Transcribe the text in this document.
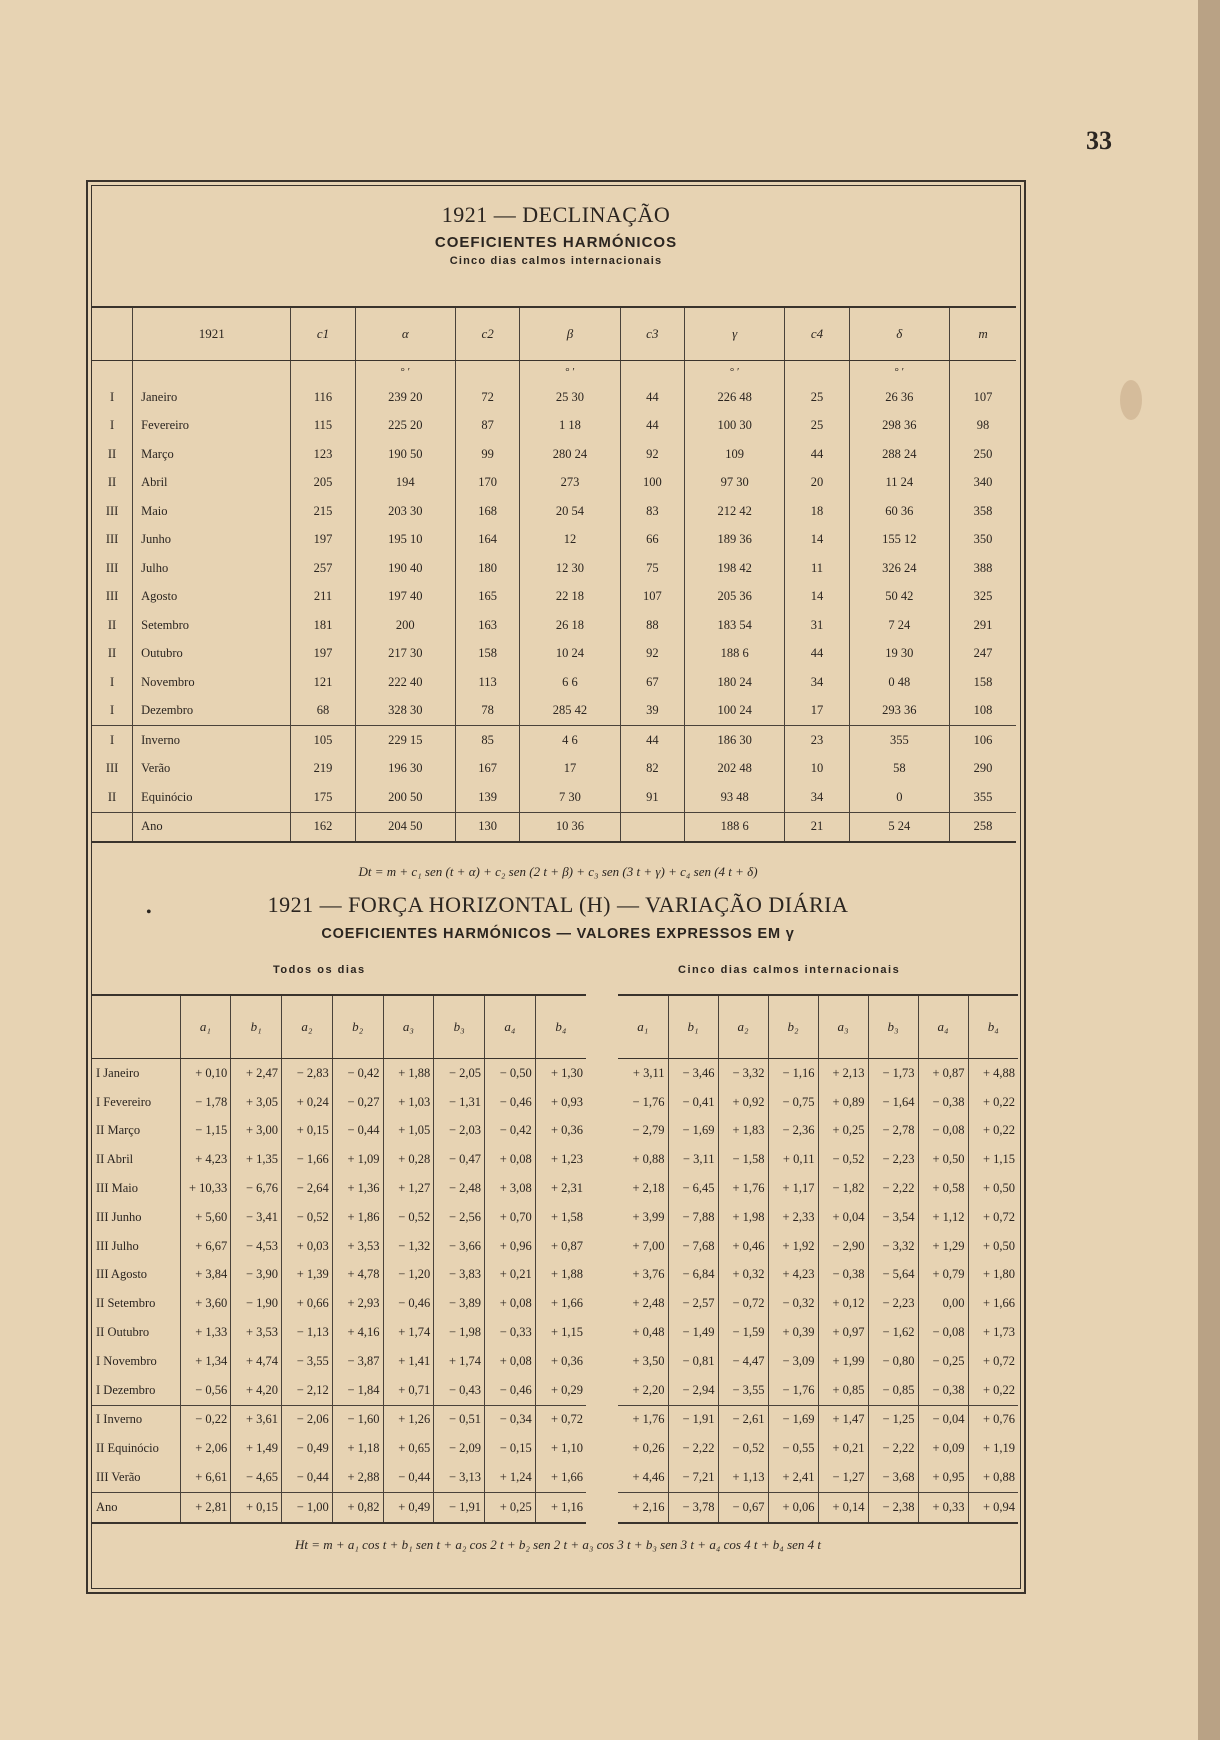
33
1921 — DECLINAÇÃO
COEFICIENTES HARMÓNICOS
Cinco dias calmos internacionais
	1921	c1	α	c2	β	c3	γ	c4	δ	m
			° ′		° ′		° ′		° ′	
I	Janeiro	116	239 20	72	25 30	44	226 48	25	26 36	107
I	Fevereiro	115	225 20	87	1 18	44	100 30	25	298 36	98
II	Março	123	190 50	99	280 24	92	109	44	288 24	250
II	Abril	205	194	170	273	100	97 30	20	11 24	340
III	Maio	215	203 30	168	20 54	83	212 42	18	60 36	358
III	Junho	197	195 10	164	12	66	189 36	14	155 12	350
III	Julho	257	190 40	180	12 30	75	198 42	11	326 24	388
III	Agosto	211	197 40	165	22 18	107	205 36	14	50 42	325
II	Setembro	181	200	163	26 18	88	183 54	31	7 24	291
II	Outubro	197	217 30	158	10 24	92	188 6	44	19 30	247
I	Novembro	121	222 40	113	6 6	67	180 24	34	0 48	158
I	Dezembro	68	328 30	78	285 42	39	100 24	17	293 36	108
I	Inverno	105	229 15	85	4 6	44	186 30	23	355	106
III	Verão	219	196 30	167	17	82	202 48	10	58	290
II	Equinócio	175	200 50	139	7 30	91	93 48	34	0	355
	Ano	162	204 50	130	10 36		188 6	21	5 24	258
Dt = m + c₁ sen (t + α) + c₂ sen (2 t + β) + c₃ sen (3 t + γ) + c₄ sen (4 t + δ)
•	1921 — FORÇA HORIZONTAL (H) — VARIAÇÃO DIÁRIA
COEFICIENTES HARMÓNICOS — VALORES EXPRESSOS EM γ
Todos os dias	Cinco dias calmos internacionais
	a₁	b₁	a₂	b₂	a₃	b₃	a₄	b₄
I Janeiro	+ 0,10	+ 2,47	− 2,83	− 0,42	+ 1,88	− 2,05	− 0,50	+ 1,30
I Fevereiro	− 1,78	+ 3,05	+ 0,24	− 0,27	+ 1,03	− 1,31	− 0,46	+ 0,93
II Março	− 1,15	+ 3,00	+ 0,15	− 0,44	+ 1,05	− 2,03	− 0,42	+ 0,36
II Abril	+ 4,23	+ 1,35	− 1,66	+ 1,09	+ 0,28	− 0,47	+ 0,08	+ 1,23
III Maio	+ 10,33	− 6,76	− 2,64	+ 1,36	+ 1,27	− 2,48	+ 3,08	+ 2,31
III Junho	+ 5,60	− 3,41	− 0,52	+ 1,86	− 0,52	− 2,56	+ 0,70	+ 1,58
III Julho	+ 6,67	− 4,53	+ 0,03	+ 3,53	− 1,32	− 3,66	+ 0,96	+ 0,87
III Agosto	+ 3,84	− 3,90	+ 1,39	+ 4,78	− 1,20	− 3,83	+ 0,21	+ 1,88
II Setembro	+ 3,60	− 1,90	+ 0,66	+ 2,93	− 0,46	− 3,89	+ 0,08	+ 1,66
II Outubro	+ 1,33	+ 3,53	− 1,13	+ 4,16	+ 1,74	− 1,98	− 0,33	+ 1,15
I Novembro	+ 1,34	+ 4,74	− 3,55	− 3,87	+ 1,41	+ 1,74	+ 0,08	+ 0,36
I Dezembro	− 0,56	+ 4,20	− 2,12	− 1,84	+ 0,71	− 0,43	− 0,46	+ 0,29
I Inverno	− 0,22	+ 3,61	− 2,06	− 1,60	+ 1,26	− 0,51	− 0,34	+ 0,72
II Equinócio	+ 2,06	+ 1,49	− 0,49	+ 1,18	+ 0,65	− 2,09	− 0,15	+ 1,10
III Verão	+ 6,61	− 4,65	− 0,44	+ 2,88	− 0,44	− 3,13	+ 1,24	+ 1,66
Ano	+ 2,81	+ 0,15	− 1,00	+ 0,82	+ 0,49	− 1,91	+ 0,25	+ 1,16
a₁	b₁	a₂	b₂	a₃	b₃	a₄	b₄
+ 3,11	− 3,46	− 3,32	− 1,16	+ 2,13	− 1,73	+ 0,87	+ 4,88
− 1,76	− 0,41	+ 0,92	− 0,75	+ 0,89	− 1,64	− 0,38	+ 0,22
− 2,79	− 1,69	+ 1,83	− 2,36	+ 0,25	− 2,78	− 0,08	+ 0,22
+ 0,88	− 3,11	− 1,58	+ 0,11	− 0,52	− 2,23	+ 0,50	+ 1,15
+ 2,18	− 6,45	+ 1,76	+ 1,17	− 1,82	− 2,22	+ 0,58	+ 0,50
+ 3,99	− 7,88	+ 1,98	+ 2,33	+ 0,04	− 3,54	+ 1,12	+ 0,72
+ 7,00	− 7,68	+ 0,46	+ 1,92	− 2,90	− 3,32	+ 1,29	+ 0,50
+ 3,76	− 6,84	+ 0,32	+ 4,23	− 0,38	− 5,64	+ 0,79	+ 1,80
+ 2,48	− 2,57	− 0,72	− 0,32	+ 0,12	− 2,23	0,00	+ 1,66
+ 0,48	− 1,49	− 1,59	+ 0,39	+ 0,97	− 1,62	− 0,08	+ 1,73
+ 3,50	− 0,81	− 4,47	− 3,09	+ 1,99	− 0,80	− 0,25	+ 0,72
+ 2,20	− 2,94	− 3,55	− 1,76	+ 0,85	− 0,85	− 0,38	+ 0,22
+ 1,76	− 1,91	− 2,61	− 1,69	+ 1,47	− 1,25	− 0,04	+ 0,76
+ 0,26	− 2,22	− 0,52	− 0,55	+ 0,21	− 2,22	+ 0,09	+ 1,19
+ 4,46	− 7,21	+ 1,13	+ 2,41	− 1,27	− 3,68	+ 0,95	+ 0,88
+ 2,16	− 3,78	− 0,67	+ 0,06	+ 0,14	− 2,38	+ 0,33	+ 0,94
Ht = m + a₁ cos t + b₁ sen t + a₂ cos 2 t + b₂ sen 2 t + a₃ cos 3 t + b₃ sen 3 t + a₄ cos 4 t + b₄ sen 4 t
